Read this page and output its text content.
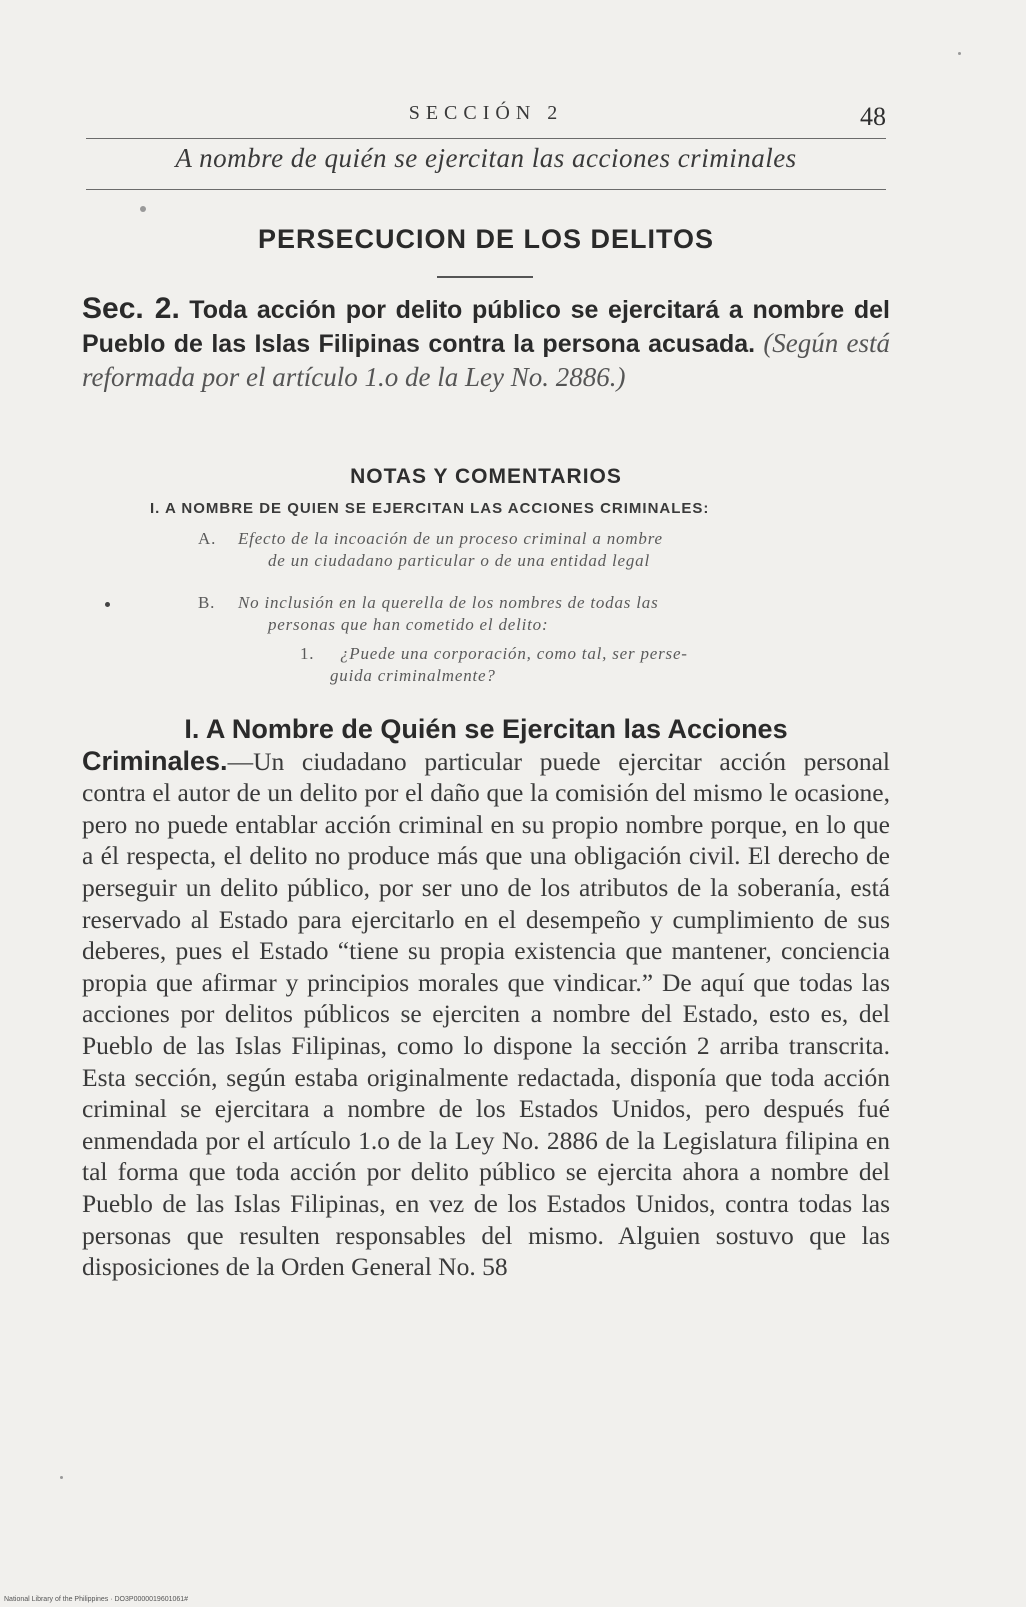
SECCIÓN 2	48
A nombre de quién se ejercitan las acciones criminales
PERSECUCION DE LOS DELITOS
Sec. 2. Toda acción por delito público se ejercitará a nombre del Pueblo de las Islas Filipinas contra la persona acusada. (Según está reformada por el artículo 1.o de la Ley No. 2886.)
NOTAS Y COMENTARIOS
I. A NOMBRE DE QUIEN SE EJERCITAN LAS ACCIONES CRIMINALES:
A. Efecto de la incoación de un proceso criminal a nombre
de un ciudadano particular o de una entidad legal
B. No inclusión en la querella de los nombres de todas las
personas que han cometido el delito:
1. ¿Puede una corporación, como tal, ser perse-
guida criminalmente?
I. A Nombre de Quién se Ejercitan las Acciones
Criminales.—Un ciudadano particular puede ejercitar acción personal contra el autor de un delito por el daño que la comisión del mismo le ocasione, pero no puede entablar acción criminal en su propio nombre porque, en lo que a él respecta, el delito no produce más que una obligación civil. El derecho de perseguir un delito público, por ser uno de los atributos de la soberanía, está reservado al Estado para ejercitarlo en el desempeño y cumplimiento de sus deberes, pues el Estado “tiene su propia existencia que mantener, conciencia propia que afirmar y principios morales que vindicar.” De aquí que todas las acciones por delitos públicos se ejerciten a nombre del Estado, esto es, del Pueblo de las Islas Filipinas, como lo dispone la sección 2 arriba transcrita. Esta sección, según estaba originalmente redactada, disponía que toda acción criminal se ejercitara a nombre de los Estados Unidos, pero después fué enmendada por el artículo 1.o de la Ley No. 2886 de la Legislatura filipina en tal forma que toda acción por delito público se ejercita ahora a nombre del Pueblo de las Islas Filipinas, en vez de los Estados Unidos, contra todas las personas que resulten responsables del mismo. Alguien sostuvo que las disposiciones de la Orden General No. 58
National Library of the Philippines · DO3P0000019601061#
